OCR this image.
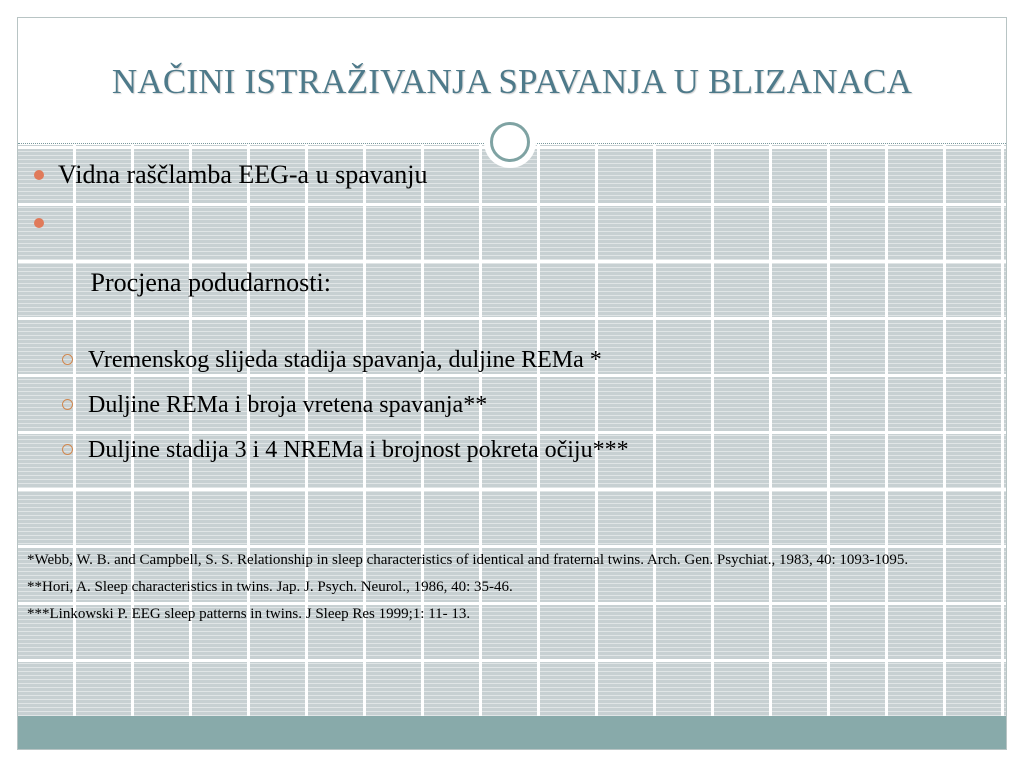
NAČINI ISTRAŽIVANJA SPAVANJA U BLIZANACA
Vidna raščlamba EEG-a u spavanju

Procjena podudarnosti:

Vremenskog slijeda stadija spavanja, duljine REMa *
Duljine REMa i broja vretena spavanja**
Duljine stadija 3 i 4 NREMa i brojnost pokreta očiju***
*Webb, W. B. and Campbell, S. S. Relationship in sleep characteristics of identical and fraternal twins. Arch. Gen. Psychiat., 1983, 40: 1093-1095.
**Hori, A. Sleep characteristics in twins. Jap. J. Psych. Neurol., 1986, 40: 35-46.
***Linkowski P. EEG sleep patterns in twins. J Sleep Res 1999;1: 11- 13.
